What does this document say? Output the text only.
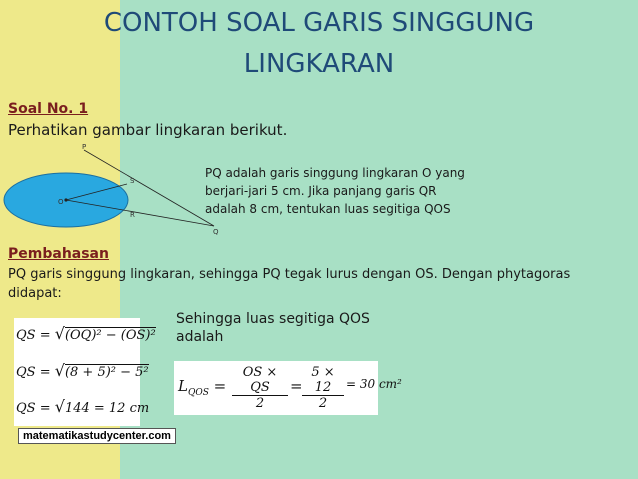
CONTOH SOAL GARIS SINGGUNG
LINGKARAN
Soal No. 1
Perhatikan gambar lingkaran berikut.
P
O
S
R
Q
PQ adalah garis singgung lingkaran O yang
berjari-jari 5 cm. Jika panjang garis QR
adalah 8 cm, tentukan luas segitiga QOS
Pembahasan
PQ garis singgung lingkaran, sehingga PQ tegak lurus dengan OS. Dengan phytagoras
didapat:
Sehingga luas segitiga QOS
adalah
QS = √(OQ)² − (OS)²
QS = √(8 + 5)² − 5²
QS = √144 = 12 cm
matematikastudycenter.com
$L_{QOS} = \frac{OS \times QS}{2} = \frac{5 \times 12}{2} = 30$ cm²
